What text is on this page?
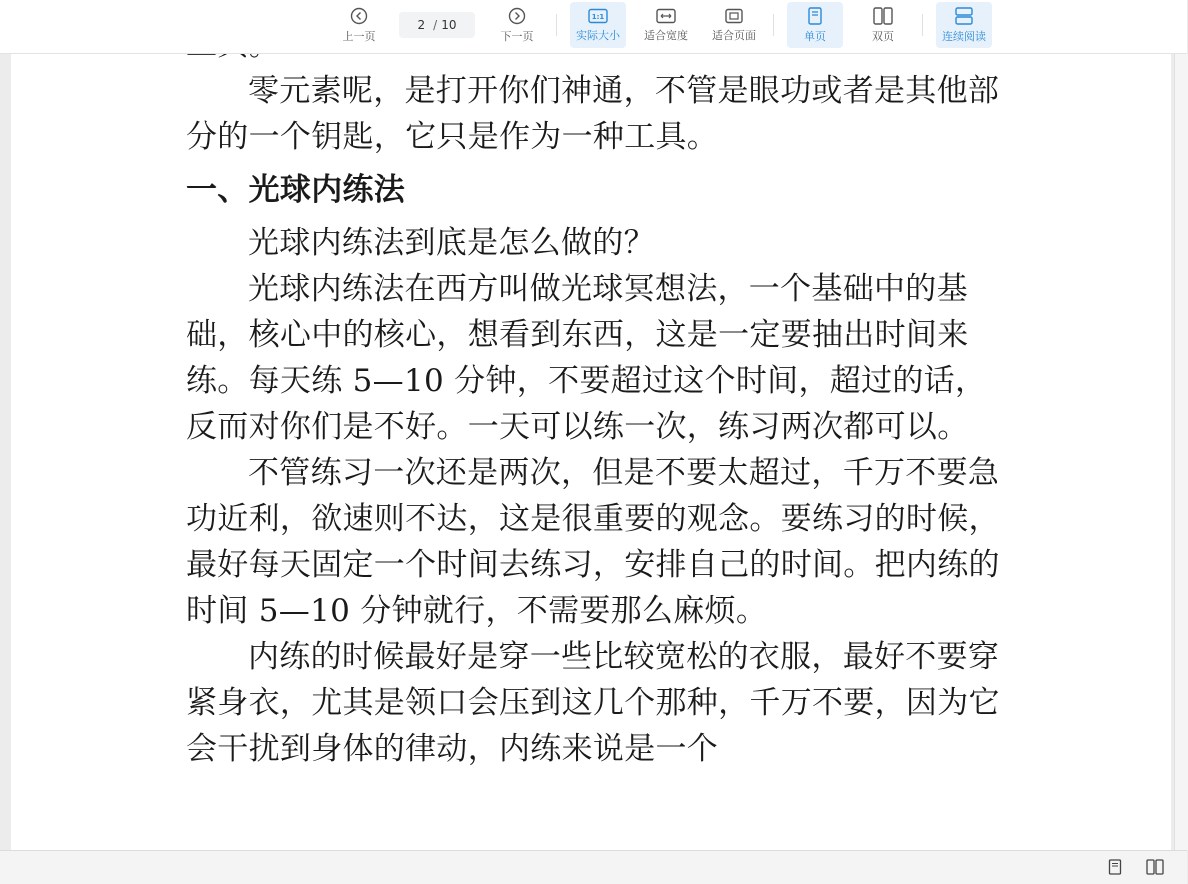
上一页
2 / 10
下一页
1:1
实际大小 适合宽度 适合页面	单页	双页	连续阅读

零元素呢，是打开你们神通，不管是眼功或者是其他部分的一个钥匙，它只是作为一种工具。

一、光球内练法

光球内练法到底是怎么做的？

光球内练法在西方叫做光球冥想法，一个基础中的基础，核心中的核心，想看到东西，这是一定要抽出时间来练。每天练 5—10 分钟，不要超过这个时间，超过的话，反而对你们是不好。一天可以练一次，练习两次都可以。

不管练习一次还是两次，但是不要太超过，千万不要急功近利，欲速则不达，这是很重要的观念。要练习的时候，最好每天固定一个时间去练习，安排自己的时间。把内练的时间 5—10 分钟就行，不需要那么麻烦。

内练的时候最好是穿一些比较宽松的衣服，最好不要穿紧身衣，尤其是领口会压到这几个那种，千万不要，因为它会干扰到身体的律动，内练来说是一个
